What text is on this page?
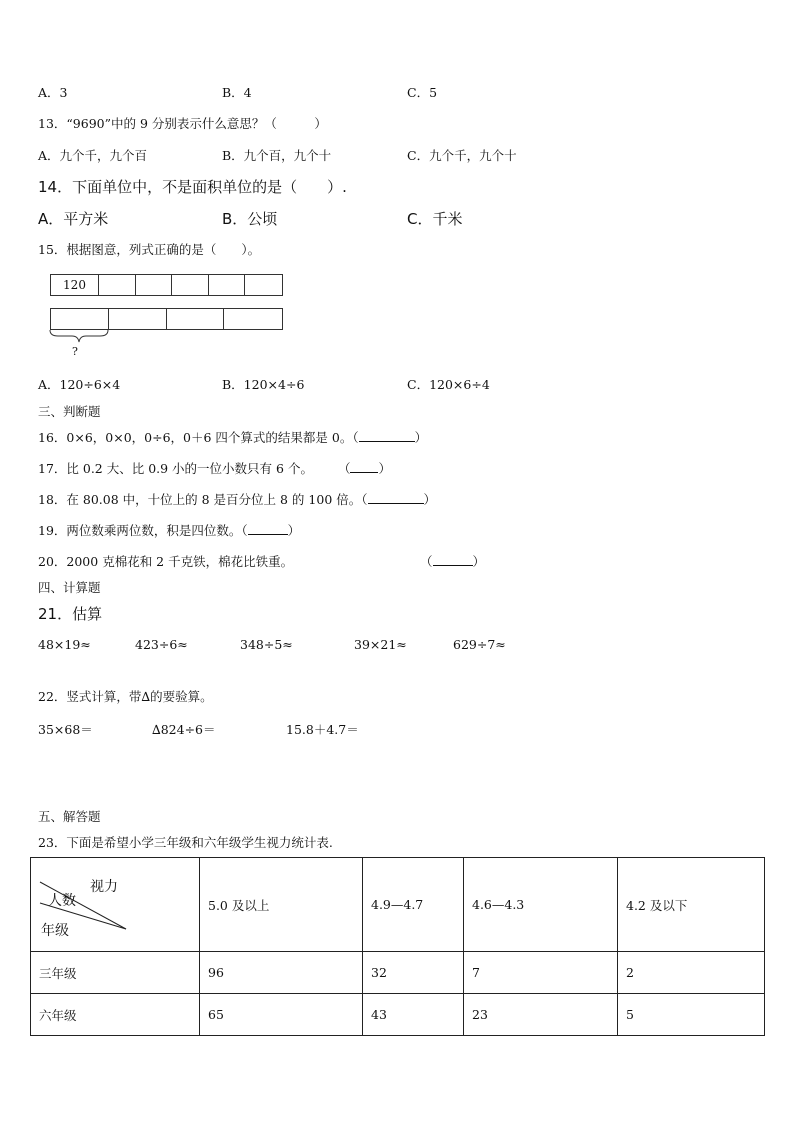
A．3	B．4	C．5
13．“9690”中的 9 分别表示什么意思？（　　　）
A．九个千，九个百	B．九个百，九个十	C．九个千，九个十
14．下面单位中，不是面积单位的是（　　）.
A．平方米	B．公顷	C．千米
15．根据图意，列式正确的是（　　）。
120
?
A．120÷6×4	B．120×4÷6	C．120×6÷4
三、判断题
16．0×6，0×0，0÷6，0＋6 四个算式的结果都是 0。（	）
17．比 0.2 大、比 0.9 小的一位小数只有 6 个。　　　（ ）
18．在 80.08 中，十位上的 8 是百分位上 8 的 100 倍。（	）
19．两位数乘两位数，积是四位数。（	）
20．2000 克棉花和 2 千克铁，棉花比铁重。	（	）
四、计算题
21．估算
48×19≈	423÷6≈	348÷5≈	39×21≈	629÷7≈
22．竖式计算，带∆的要验算。
35×68＝	∆824÷6＝	15.8＋4.7＝
五、解答题
23．下面是希望小学三年级和六年级学生视力统计表.
视力
人数
年级	5.0 及以上	4.9—4.7	4.6—4.3	4.2 及以下
三年级	96	32	7	2
六年级	65	43	23	5
